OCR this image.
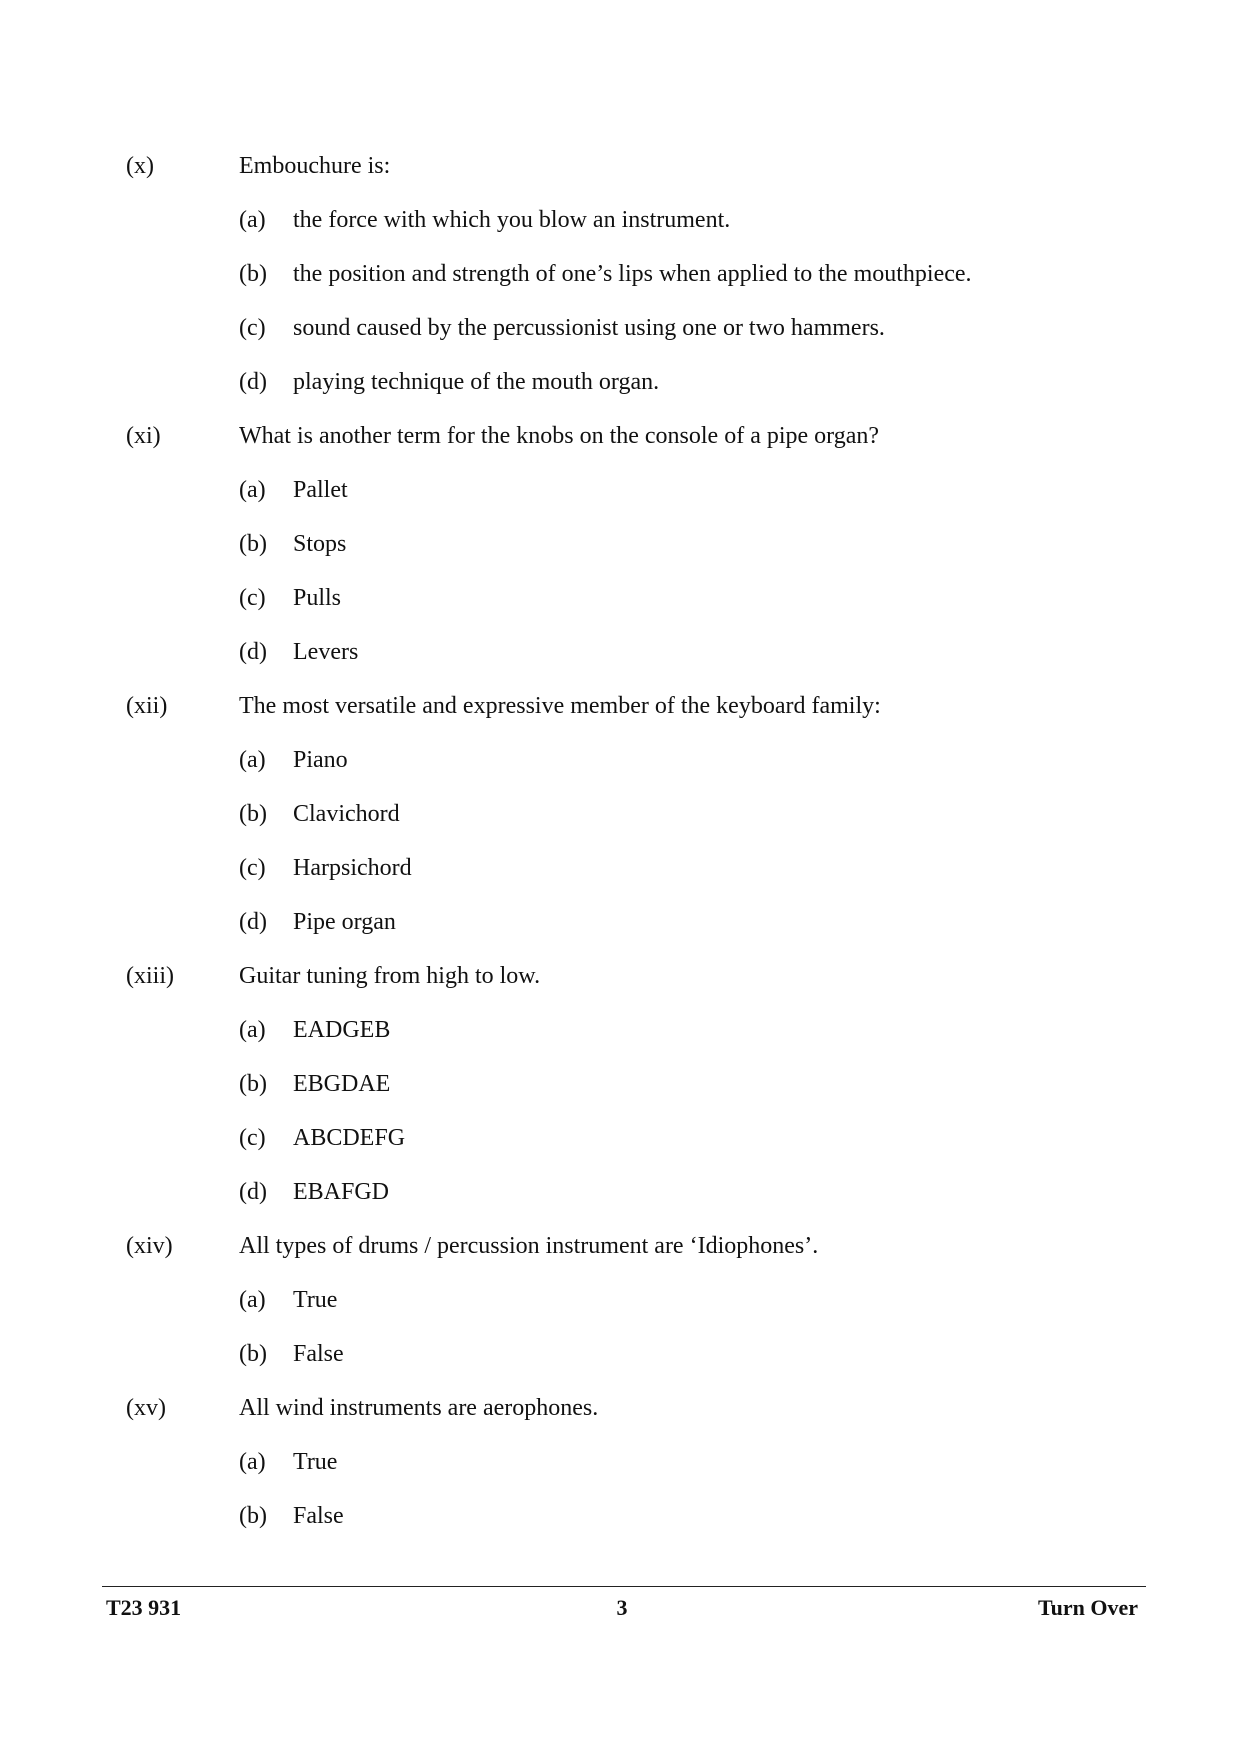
(x)	Embouchure is:
(a)	the force with which you blow an instrument.
(b)	the position and strength of one’s lips when applied to the mouthpiece.
(c)	sound caused by the percussionist using one or two hammers.
(d)	playing technique of the mouth organ.
(xi)	What is another term for the knobs on the console of a pipe organ?
(a)	Pallet
(b)	Stops
(c)	Pulls
(d)	Levers
(xii)	The most versatile and expressive member of the keyboard family:
(a)	Piano
(b)	Clavichord
(c)	Harpsichord
(d)	Pipe organ
(xiii)	Guitar tuning from high to low.
(a)	EADGEB
(b)	EBGDAE
(c)	ABCDEFG
(d)	EBAFGD
(xiv)	All types of drums / percussion instrument are ‘Idiophones’.
(a)	True
(b)	False
(xv)	All wind instruments are aerophones.
(a)	True
(b)	False
T23 931	3	Turn Over
